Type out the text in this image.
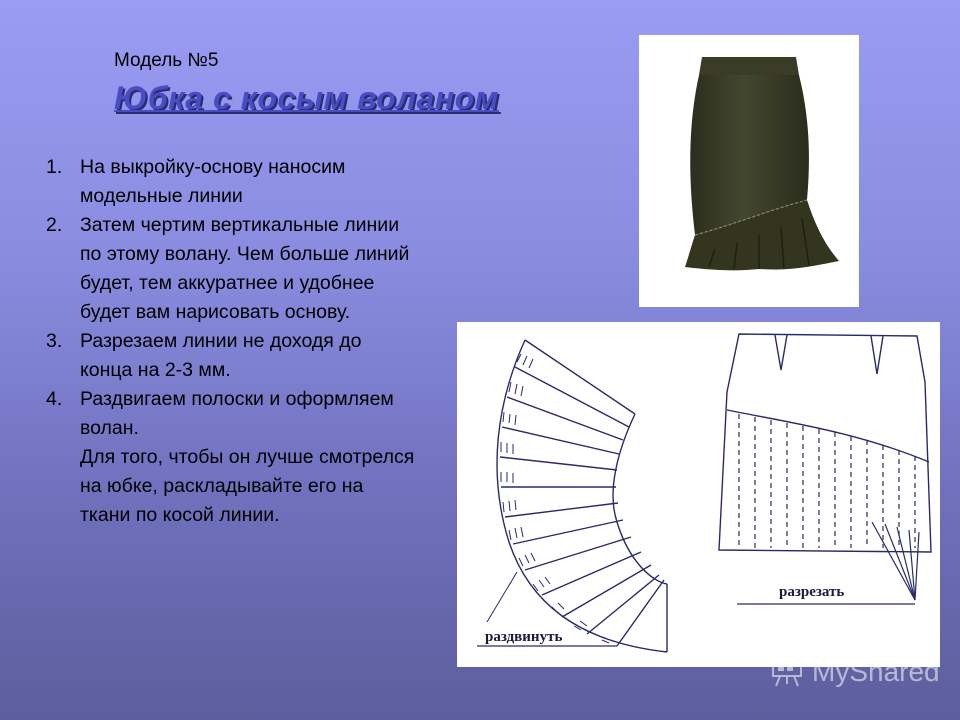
Модель №5
Юбка с косым воланом
1. На выкройку-основу наносим модельные линии
2. Затем чертим вертикальные линии по этому волану. Чем больше линий будет, тем аккуратнее и удобнее будет вам нарисовать основу.
3. Разрезаем линии не доходя до конца на 2-3 мм.
4. Раздвигаем полоски и оформляем волан.
Для того, чтобы он лучше смотрелся на юбке, раскладывайте его на ткани по косой линии.
раздвинуть
разрезать
MyShared
